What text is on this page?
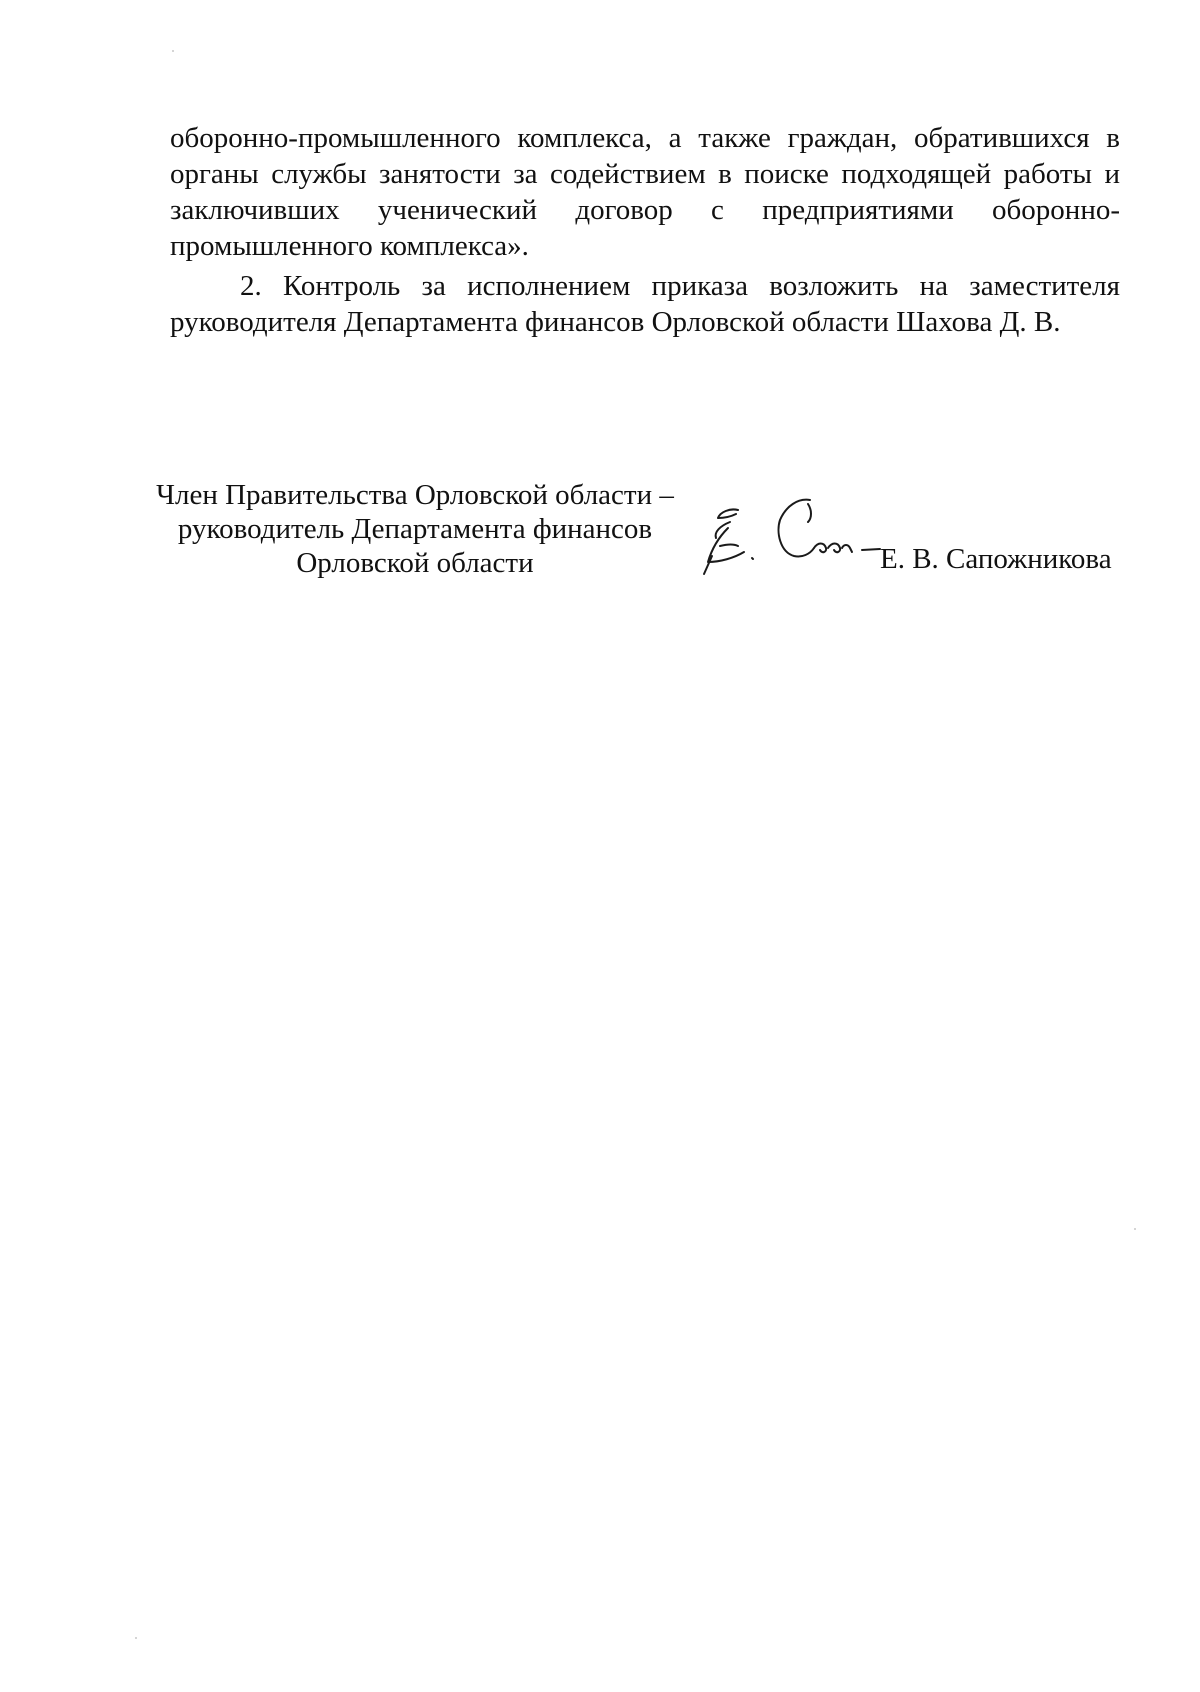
оборонно-промышленного комплекса, а также граждан, обратившихся в органы службы занятости за содействием в поиске подходящей работы и заключивших ученический договор с предприятиями оборонно-промышленного комплекса».

2. Контроль за исполнением приказа возложить на заместителя руководителя Департамента финансов Орловской области Шахова Д. В.

Член Правительства Орловской области –
руководитель Департамента финансов
Орловской области	Е. В. Сапожникова
